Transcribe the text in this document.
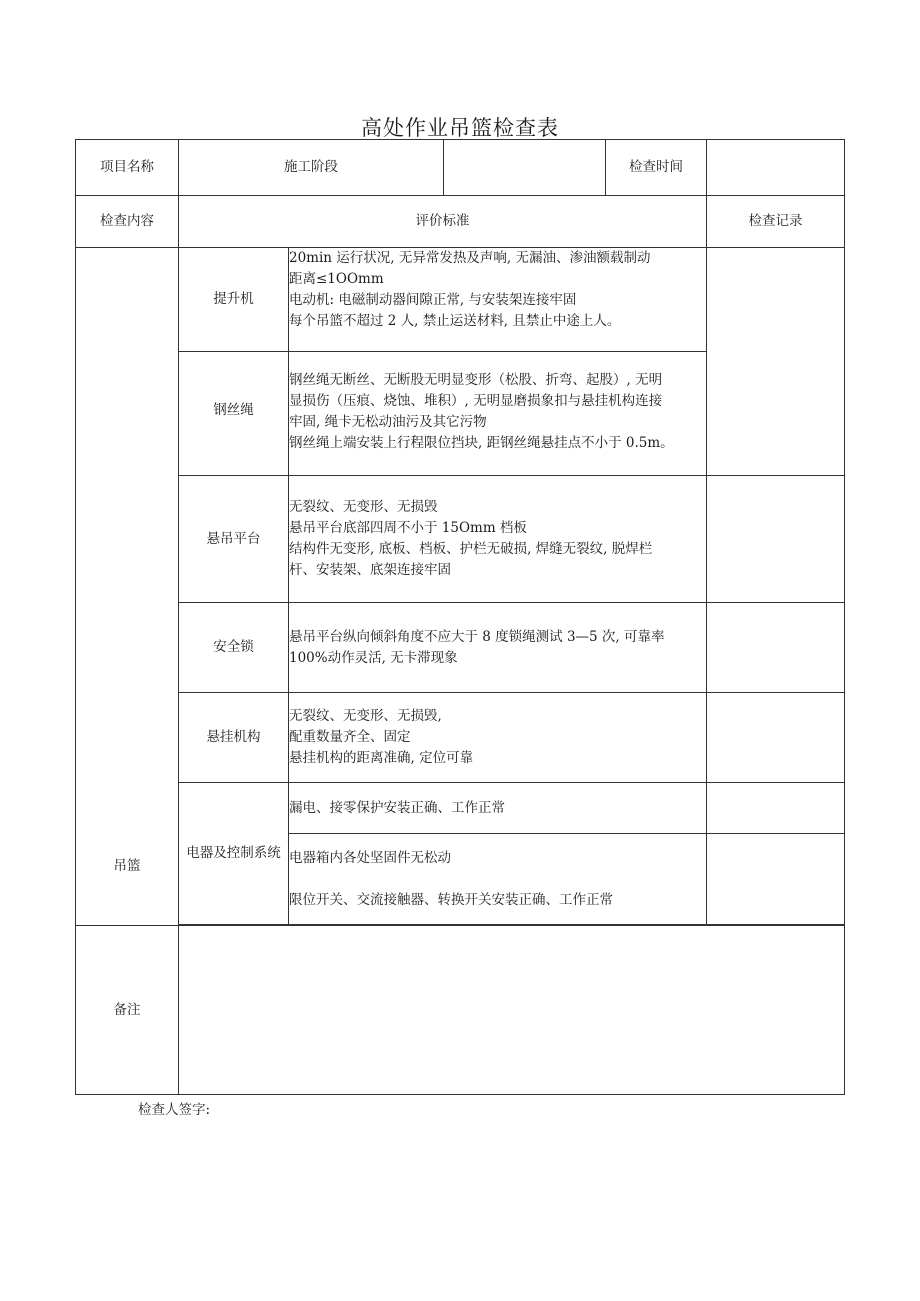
高处作业吊篮检查表
项目名称	施工阶段			检查时间	
检查内容	评价标准				检查记录
吊篮	提升机	20min 运行状况, 无异常发热及声响, 无漏油、渗油额载制动
距离≤1OOmm
电动机: 电磁制动器间隙正常, 与安装架连接牢固
每个吊篮不超过 2 人, 禁止运送材料, 且禁止中途上人。			

	钢丝绳	钢丝绳无断丝、无断股无明显变形（松股、折弯、起股）, 无明
显损伤（压痕、烧蚀、堆积）, 无明显磨损象扣与悬挂机构连接
牢固, 绳卡无松动油污及其它污物
钢丝绳上端安装上行程限位挡块, 距钢丝绳悬挂点不小于 0.5m。			

	悬吊平台	无裂纹、无变形、无损毁
悬吊平台底部四周不小于 15Omm 档板
结构件无变形, 底板、档板、护栏无破损, 焊缝无裂纹, 脱焊栏
杆、安装架、底架连接牢固			

	安全锁	悬吊平台纵向倾斜角度不应大于 8 度锁绳测试 3—5 次, 可靠率
100%动作灵活, 无卡滞现象			

	悬挂机构	无裂纹、无变形、无损毁,
配重数量齐全、固定
悬挂机构的距离准确, 定位可靠			

	电器及控制系统	漏电、接零保护安装正确、工作正常			

		电器箱内各处坚固件无松动
限位开关、交流接触器、转换开关安装正确、工作正常			

备注					
检查人签字:
